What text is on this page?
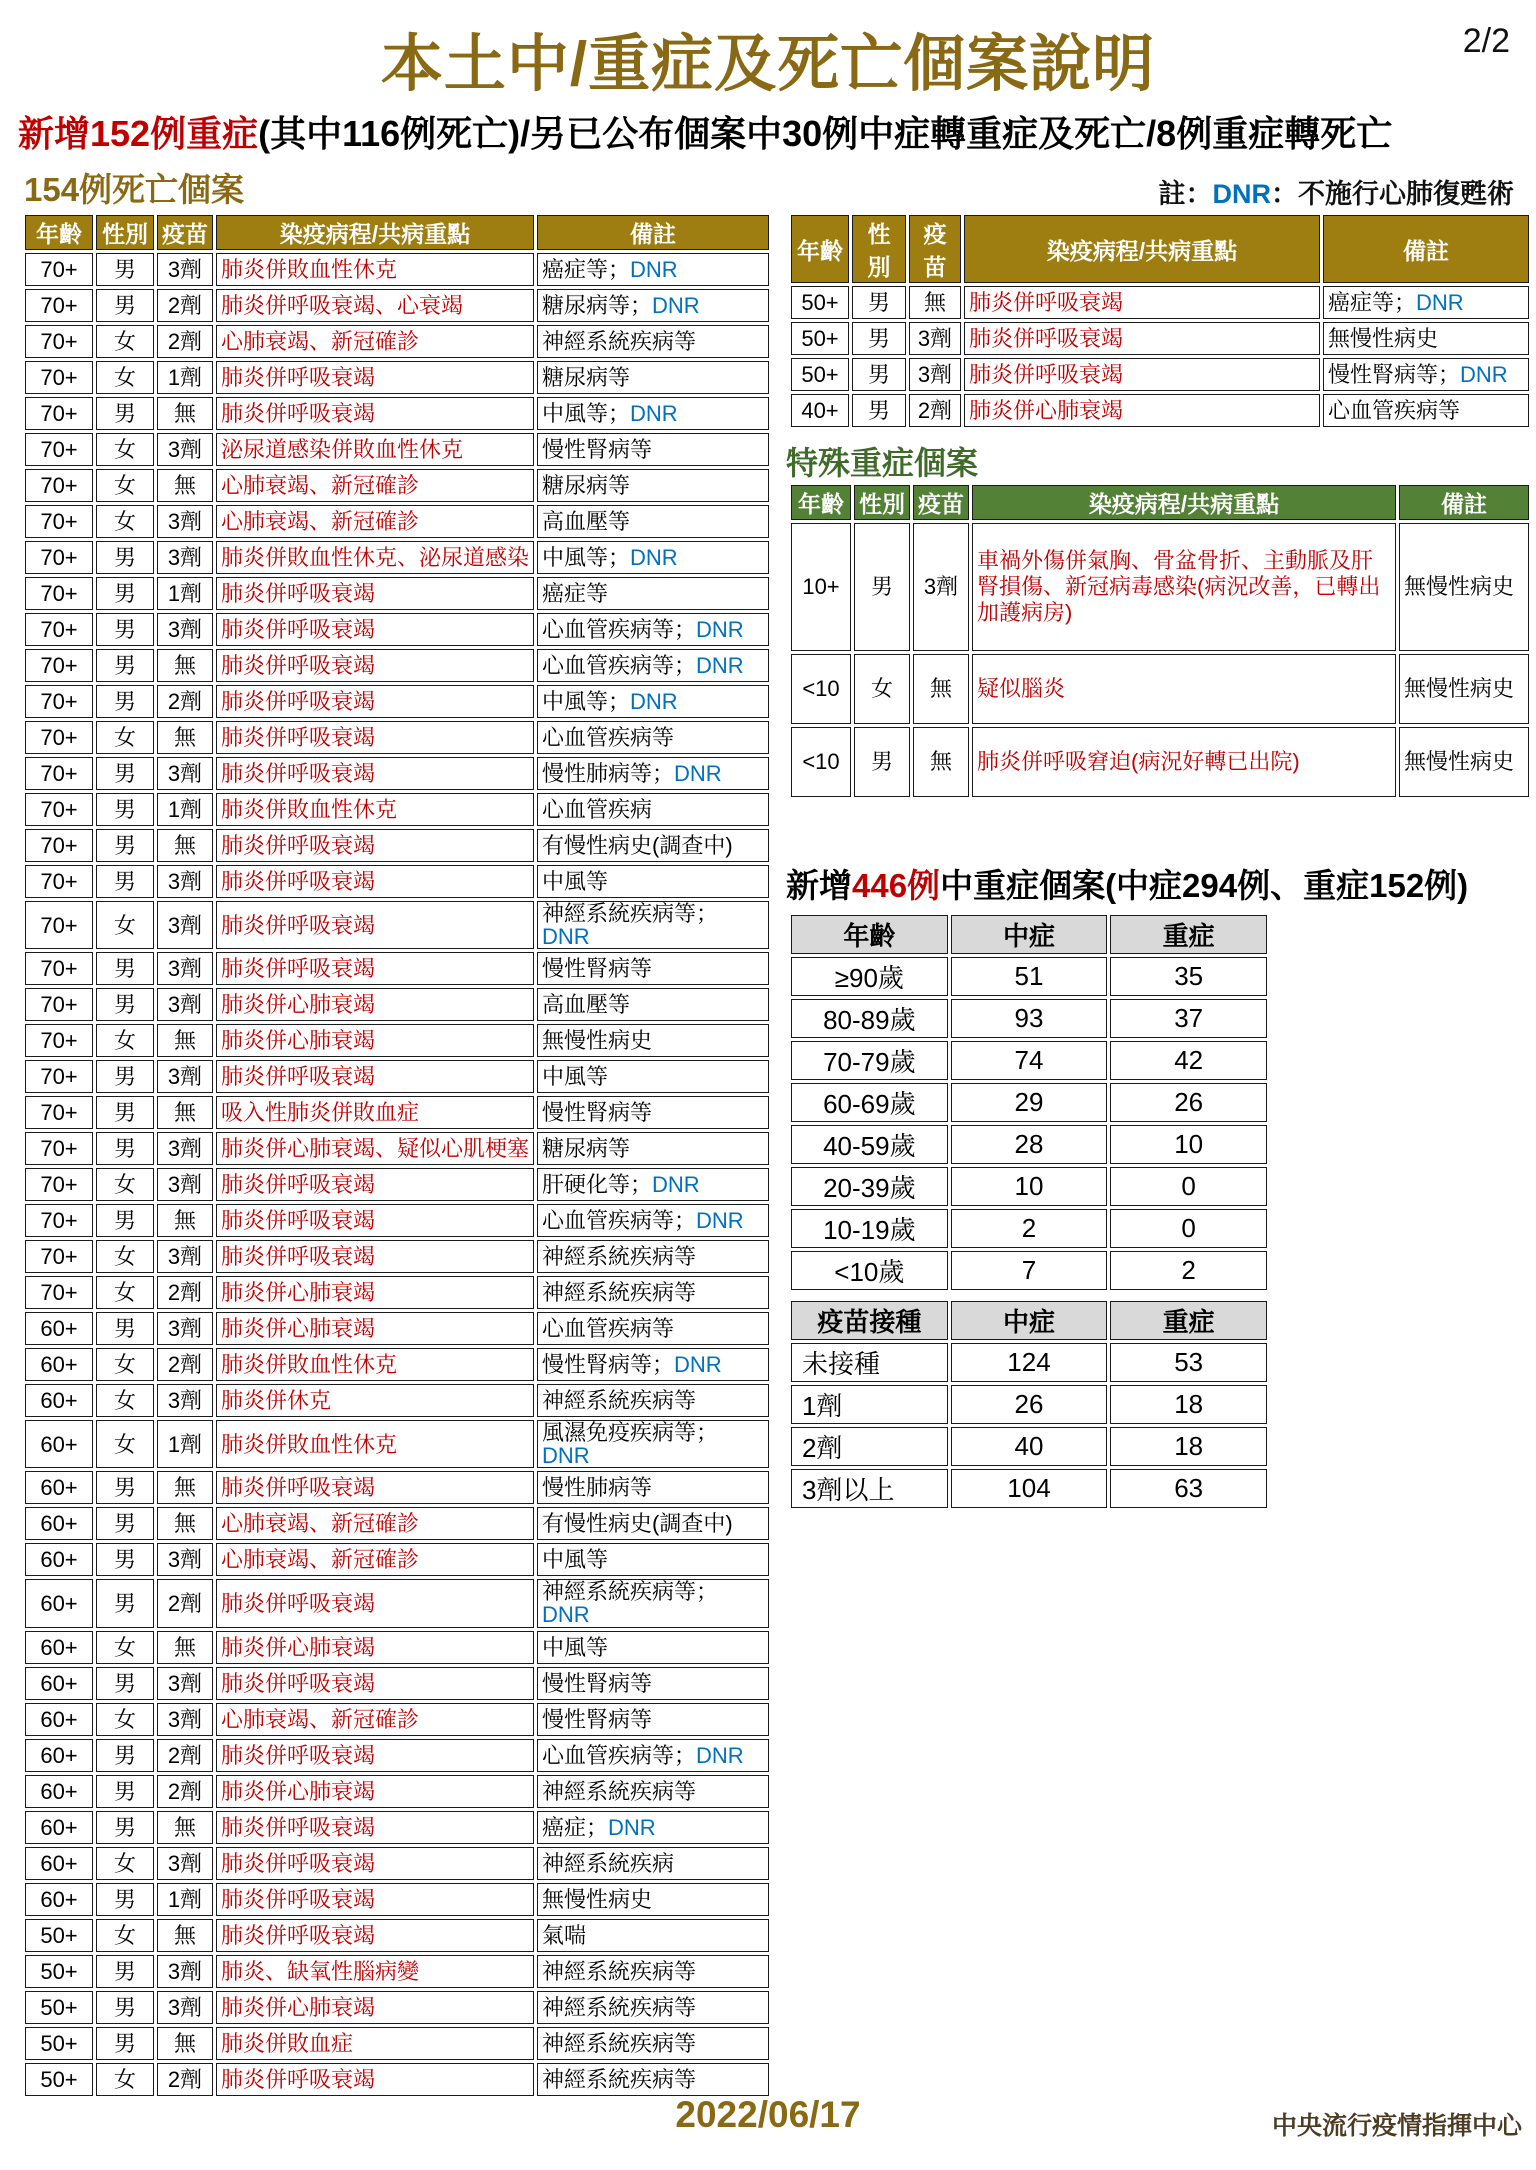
本土中/重症及死亡個案說明	2/2
新增152例重症(其中116例死亡)/另已公布個案中30例中症轉重症及死亡/8例重症轉死亡
154例死亡個案	註：DNR：不施行心肺復甦術
年齡	性別	疫苗	染疫病程/共病重點	備註
70+	男	3劑	肺炎併敗血性休克	癌症等；DNR
70+	男	2劑	肺炎併呼吸衰竭、心衰竭	糖尿病等；DNR
70+	女	2劑	心肺衰竭、新冠確診	神經系統疾病等
70+	女	1劑	肺炎併呼吸衰竭	糖尿病等
70+	男	無	肺炎併呼吸衰竭	中風等；DNR
70+	女	3劑	泌尿道感染併敗血性休克	慢性腎病等
70+	女	無	心肺衰竭、新冠確診	糖尿病等
70+	女	3劑	心肺衰竭、新冠確診	高血壓等
70+	男	3劑	肺炎併敗血性休克、泌尿道感染	中風等；DNR
70+	男	1劑	肺炎併呼吸衰竭	癌症等
70+	男	3劑	肺炎併呼吸衰竭	心血管疾病等；DNR
70+	男	無	肺炎併呼吸衰竭	心血管疾病等；DNR
70+	男	2劑	肺炎併呼吸衰竭	中風等；DNR
70+	女	無	肺炎併呼吸衰竭	心血管疾病等
70+	男	3劑	肺炎併呼吸衰竭	慢性肺病等；DNR
70+	男	1劑	肺炎併敗血性休克	心血管疾病
70+	男	無	肺炎併呼吸衰竭	有慢性病史(調查中)
70+	男	3劑	肺炎併呼吸衰竭	中風等
70+	女	3劑	肺炎併呼吸衰竭	神經系統疾病等；DNR
70+	男	3劑	肺炎併呼吸衰竭	慢性腎病等
70+	男	3劑	肺炎併心肺衰竭	高血壓等
70+	女	無	肺炎併心肺衰竭	無慢性病史
70+	男	3劑	肺炎併呼吸衰竭	中風等
70+	男	無	吸入性肺炎併敗血症	慢性腎病等
70+	男	3劑	肺炎併心肺衰竭、疑似心肌梗塞	糖尿病等
70+	女	3劑	肺炎併呼吸衰竭	肝硬化等；DNR
70+	男	無	肺炎併呼吸衰竭	心血管疾病等；DNR
70+	女	3劑	肺炎併呼吸衰竭	神經系統疾病等
70+	女	2劑	肺炎併心肺衰竭	神經系統疾病等
60+	男	3劑	肺炎併心肺衰竭	心血管疾病等
60+	女	2劑	肺炎併敗血性休克	慢性腎病等；DNR
60+	女	3劑	肺炎併休克	神經系統疾病等
60+	女	1劑	肺炎併敗血性休克	風濕免疫疾病等；DNR
60+	男	無	肺炎併呼吸衰竭	慢性肺病等
60+	男	無	心肺衰竭、新冠確診	有慢性病史(調查中)
60+	男	3劑	心肺衰竭、新冠確診	中風等
60+	男	2劑	肺炎併呼吸衰竭	神經系統疾病等；DNR
60+	女	無	肺炎併心肺衰竭	中風等
60+	男	3劑	肺炎併呼吸衰竭	慢性腎病等
60+	女	3劑	心肺衰竭、新冠確診	慢性腎病等
60+	男	2劑	肺炎併呼吸衰竭	心血管疾病等；DNR
60+	男	2劑	肺炎併心肺衰竭	神經系統疾病等
60+	男	無	肺炎併呼吸衰竭	癌症；DNR
60+	女	3劑	肺炎併呼吸衰竭	神經系統疾病
60+	男	1劑	肺炎併呼吸衰竭	無慢性病史
50+	女	無	肺炎併呼吸衰竭	氣喘
50+	男	3劑	肺炎、缺氧性腦病變	神經系統疾病等
50+	男	3劑	肺炎併心肺衰竭	神經系統疾病等
50+	男	無	肺炎併敗血症	神經系統疾病等
50+	女	2劑	肺炎併呼吸衰竭	神經系統疾病等
年齡	性別	疫苗	染疫病程/共病重點	備註
50+	男	無	肺炎併呼吸衰竭	癌症等；DNR
50+	男	3劑	肺炎併呼吸衰竭	無慢性病史
50+	男	3劑	肺炎併呼吸衰竭	慢性腎病等；DNR
40+	男	2劑	肺炎併心肺衰竭	心血管疾病等
特殊重症個案
年齡	性別	疫苗	染疫病程/共病重點	備註
10+	男	3劑	車禍外傷併氣胸、骨盆骨折、主動脈及肝腎損傷、新冠病毒感染(病況改善，已轉出加護病房)	無慢性病史
<10	女	無	疑似腦炎	無慢性病史
<10	男	無	肺炎併呼吸窘迫(病況好轉已出院)	無慢性病史
新增446例中重症個案(中症294例、重症152例)
年齡	中症	重症
≥90歲	51	35
80-89歲	93	37
70-79歲	74	42
60-69歲	29	26
40-59歲	28	10
20-39歲	10	0
10-19歲	2	0
<10歲	7	2
疫苗接種	中症	重症
未接種	124	53
1劑	26	18
2劑	40	18
3劑以上	104	63
2022/06/17	中央流行疫情指揮中心
